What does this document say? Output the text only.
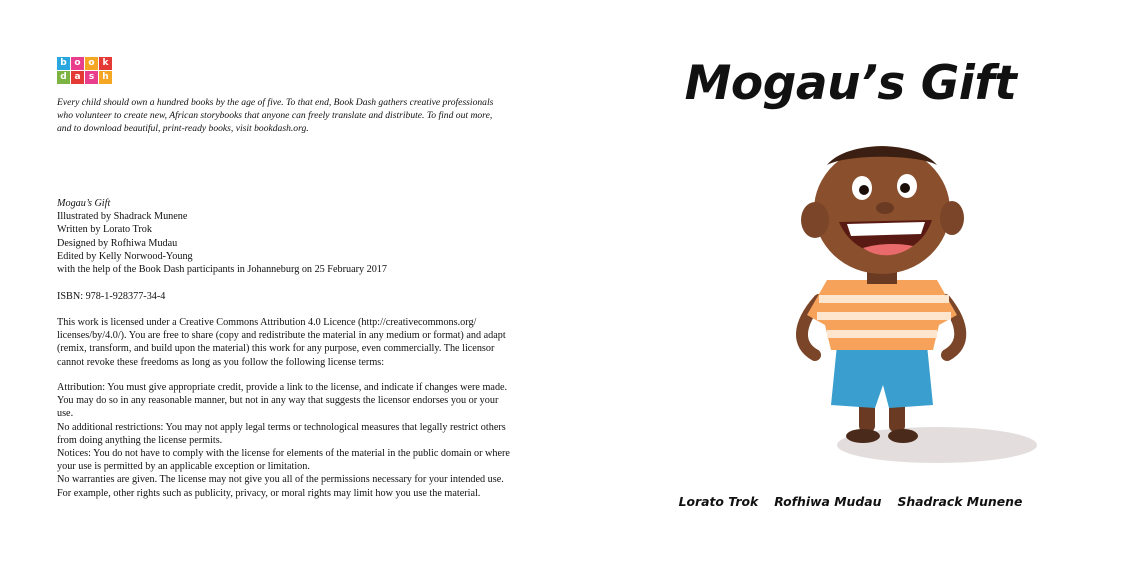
b o o k
d a s h

Every child should own a hundred books by the age of five. To that end, Book Dash gathers creative professionals who volunteer to create new, African storybooks that anyone can freely translate and distribute. To find out more, and to download beautiful, print-ready books, visit bookdash.org.

Mogau’s Gift
Illustrated by Shadrack Munene
Written by Lorato Trok
Designed by Rofhiwa Mudau
Edited by Kelly Norwood-Young
with the help of the Book Dash participants in Johanneburg on 25 February 2017
ISBN: 978-1-928377-34-4

This work is licensed under a Creative Commons Attribution 4.0 Licence (http://creativecommons.org/ licenses/by/4.0/). You are free to share (copy and redistribute the material in any medium or format) and adapt (remix, transform, and build upon the material) this work for any purpose, even commercially. The licensor cannot revoke these freedoms as long as you follow the following license terms:

Attribution: You must give appropriate credit, provide a link to the license, and indicate if changes were made. You may do so in any reasonable manner, but not in any way that suggests the licensor endorses you or your use.
No additional restrictions: You may not apply legal terms or technological measures that legally restrict others from doing anything the license permits.
Notices: You do not have to comply with the license for elements of the material in the public domain or where your use is permitted by an applicable exception or limitation.
No warranties are given. The license may not give you all of the permissions necessary for your intended use. For example, other rights such as publicity, privacy, or moral rights may limit how you use the material.
Mogau’s Gift
Lorato Trok Rofhiwa Mudau Shadrack Munene
